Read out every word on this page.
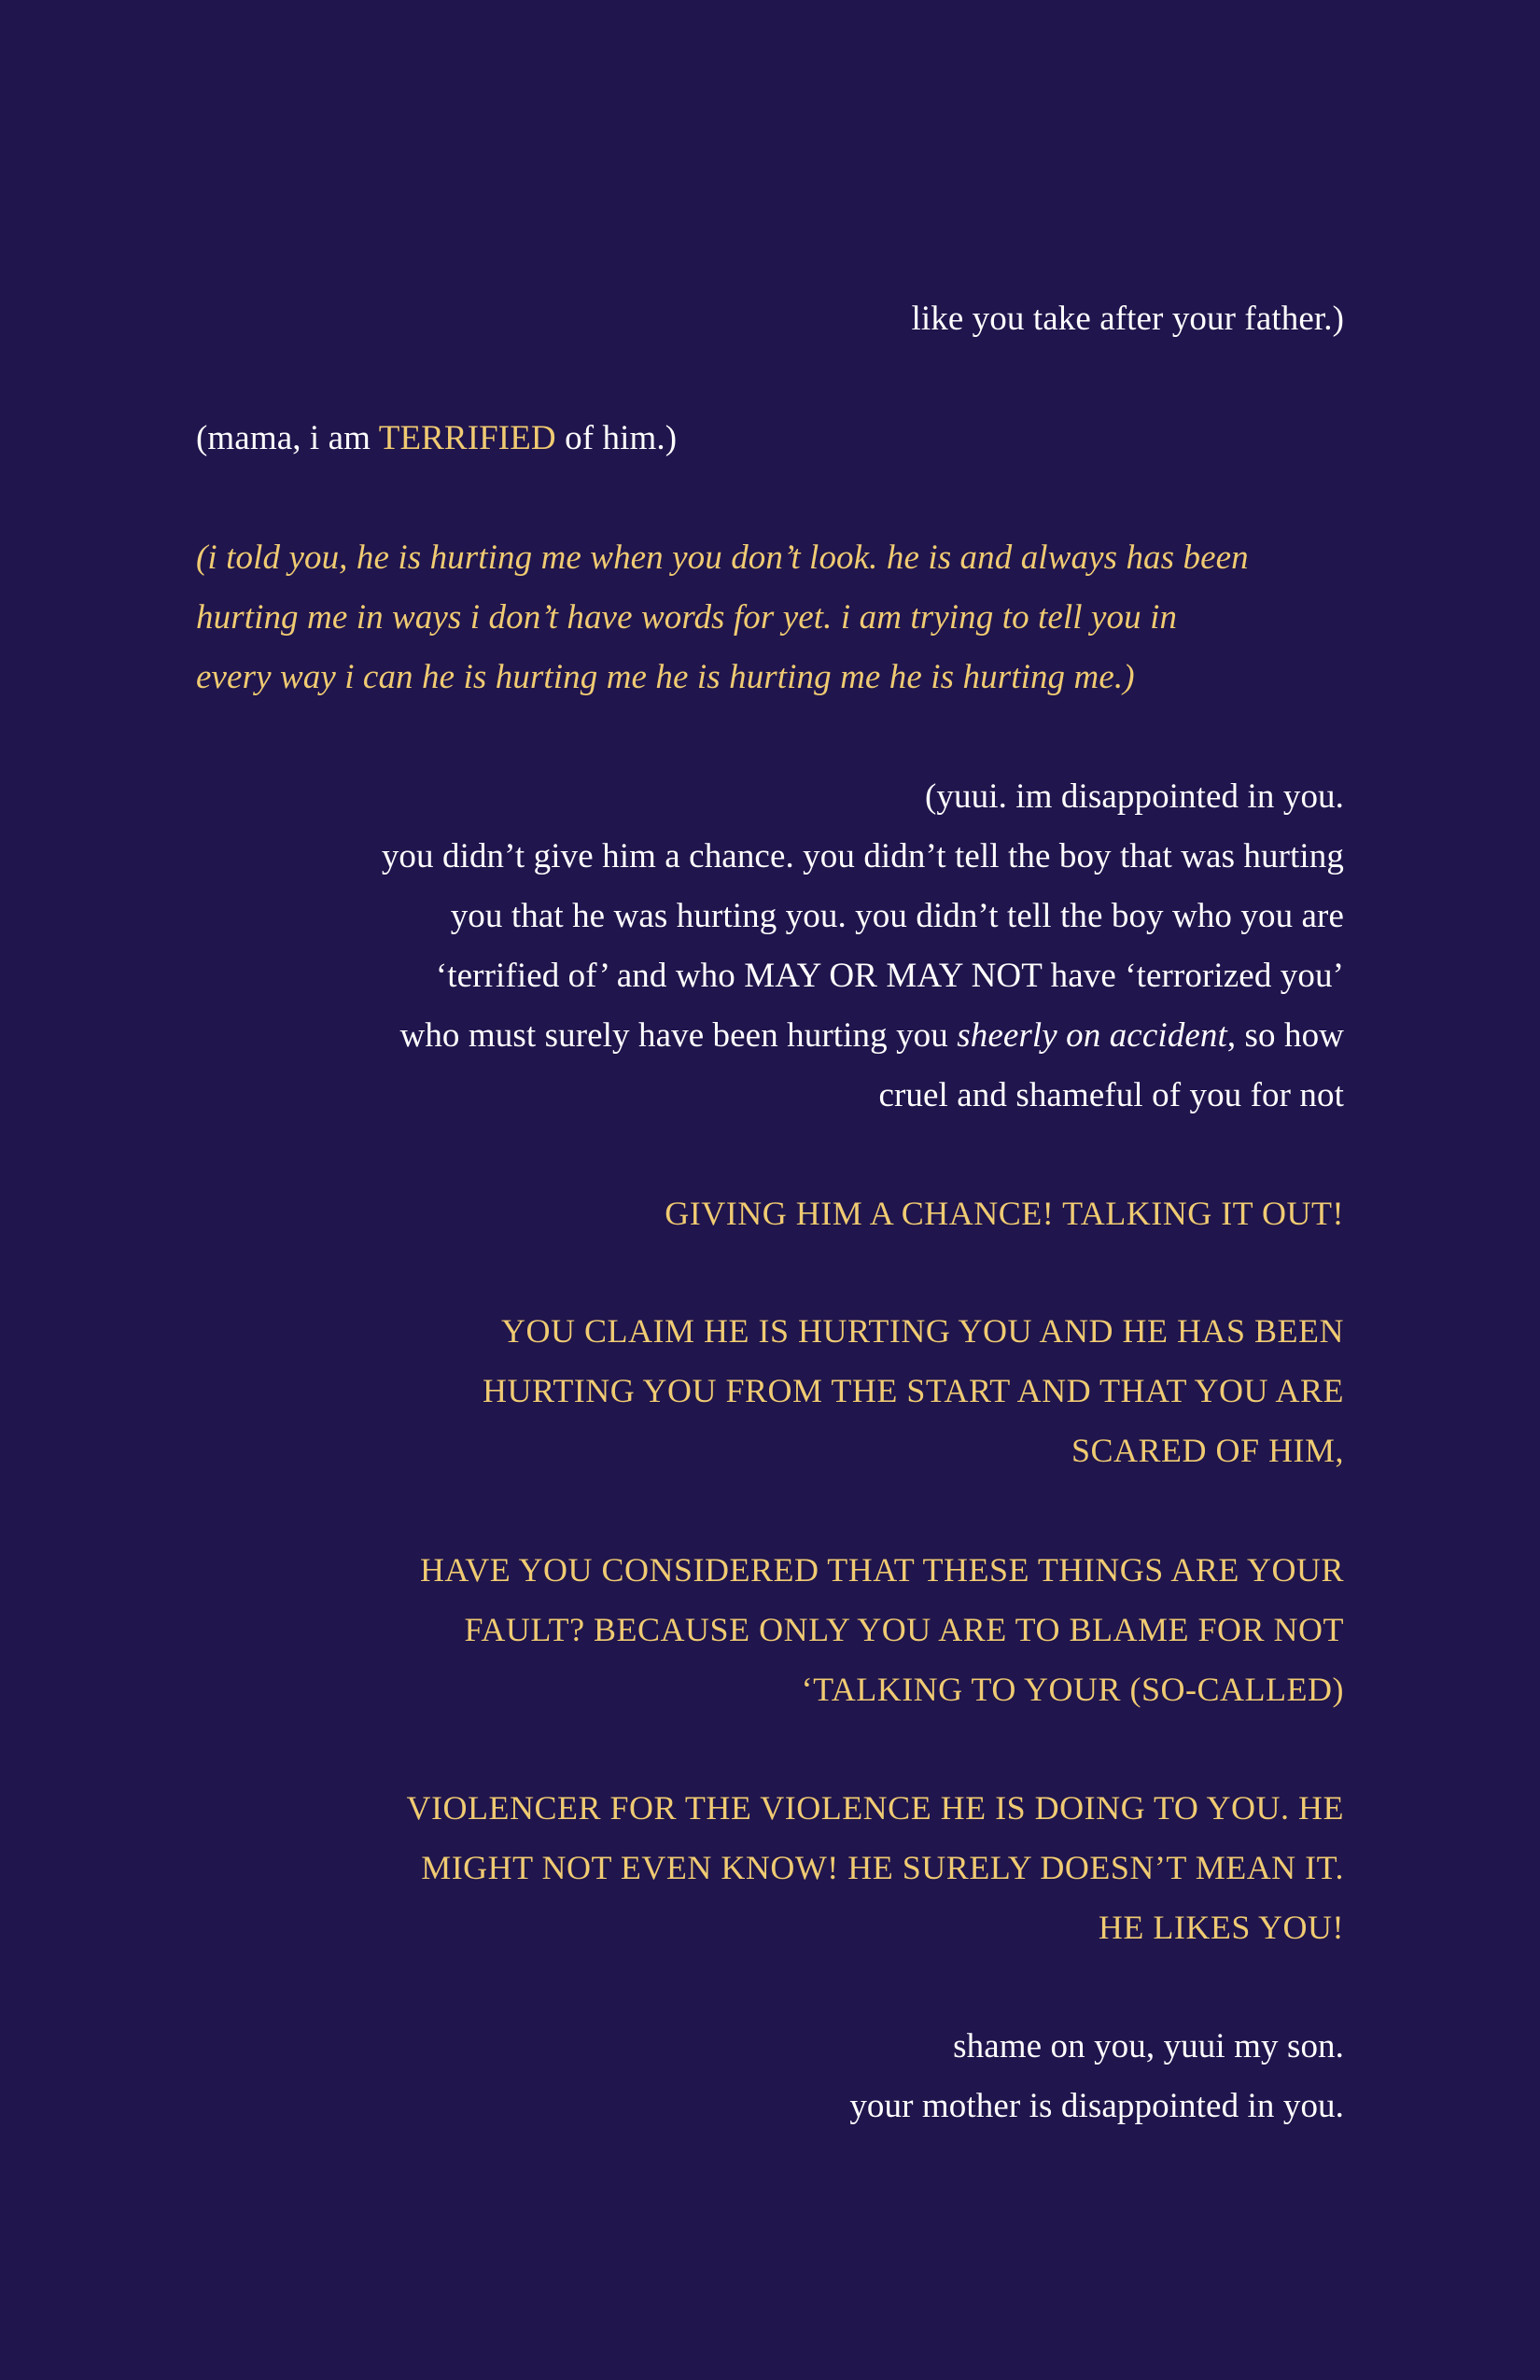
like you take after your father.)
(mama, i am TERRIFIED of him.)
(i told you, he is hurting me when you don’t look. he is and always has been
hurting me in ways i don’t have words for yet. i am trying to tell you in
every way i can he is hurting me he is hurting me he is hurting me.)
(yuui. im disappointed in you.
you didn’t give him a chance. you didn’t tell the boy that was hurting
you that he was hurting you. you didn’t tell the boy who you are
‘terrified of’ and who MAY OR MAY NOT have ‘terrorized you’
who must surely have been hurting you sheerly on accident, so how
cruel and shameful of you for not
GIVING HIM A CHANCE! TALKING IT OUT!
YOU CLAIM HE IS HURTING YOU AND HE HAS BEEN
HURTING YOU FROM THE START AND THAT YOU ARE
SCARED OF HIM,
HAVE YOU CONSIDERED THAT THESE THINGS ARE YOUR
FAULT? BECAUSE ONLY YOU ARE TO BLAME FOR NOT
‘TALKING TO YOUR (SO-CALLED)
VIOLENCER FOR THE VIOLENCE HE IS DOING TO YOU. HE
MIGHT NOT EVEN KNOW! HE SURELY DOESN’T MEAN IT.
HE LIKES YOU!
shame on you, yuui my son.
your mother is disappointed in you.
